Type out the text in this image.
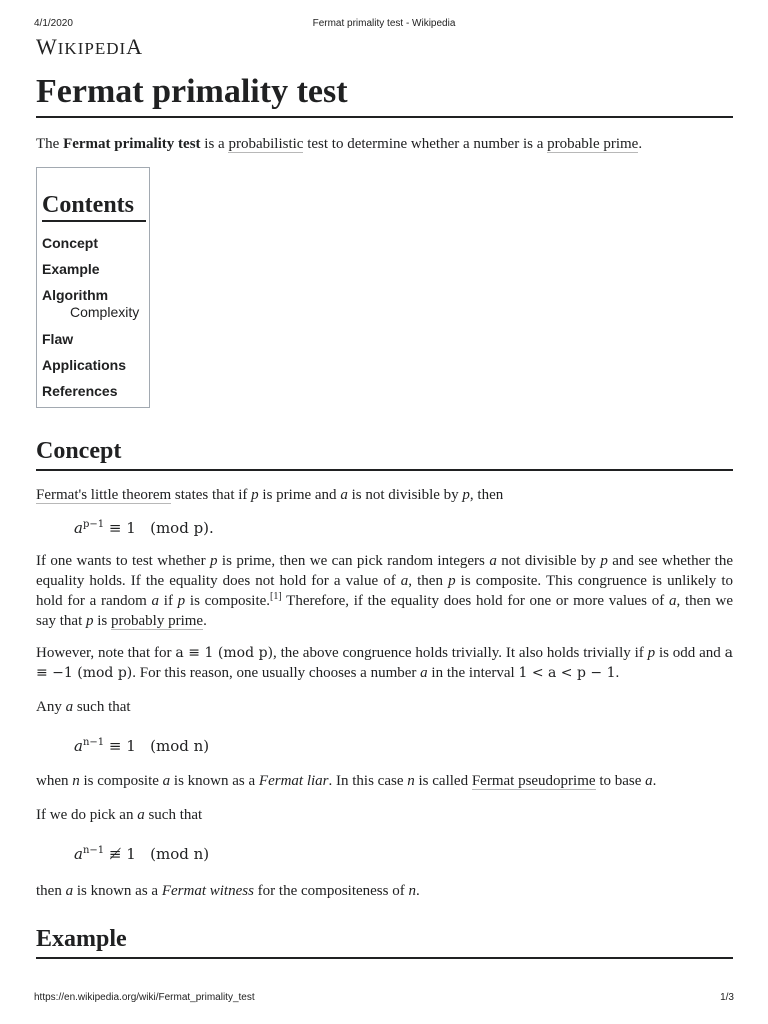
4/1/2020	Fermat primality test - Wikipedia
WIKIPEDIA
Fermat primality test

The Fermat primality test is a probabilistic test to determine whether a number is a probable prime.

Concept

Fermat's little theorem states that if p is prime and a is not divisible by p, then

$a^{p-1} \equiv 1$ (mod p).

If one wants to test whether p is prime, then we can pick random integers a not divisible by p and see whether the equality holds. If the equality does not hold for a value of a, then p is composite. This congruence is unlikely to hold for a random a if p is composite.[1] Therefore, if the equality does hold for one or more values of a, then we say that p is probably prime.

However, note that for a ≡ 1 (mod p), the above congruence holds trivially. It also holds trivially if p is odd and a ≡ −1 (mod p). For this reason, one usually chooses a number a in the interval 1 < a < p − 1.

Any a such that

$a^{n-1} \equiv 1$ (mod n)

when n is composite a is known as a Fermat liar. In this case n is called Fermat pseudoprime to base a.

If we do pick an a such that

$a^{n-1}$ ≢ 1 (mod n)

then a is known as a Fermat witness for the compositeness of n.

Example
Contents
Concept
Example
Algorithm
Complexity
Flaw
Applications
References
https://en.wikipedia.org/wiki/Fermat_primality_test	1/3
